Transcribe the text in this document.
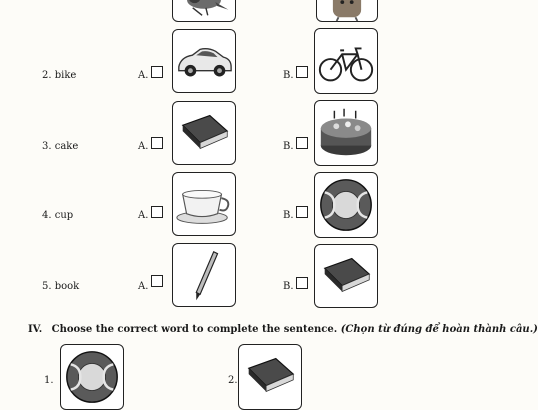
2. bike	A.	B.
3. cake	A.	B.
4. cup	A.	B.
5. book	A.	B.
IV. Choose the correct word to complete the sentence. (Chọn từ đúng để hoàn thành câu.)
1.	2.
